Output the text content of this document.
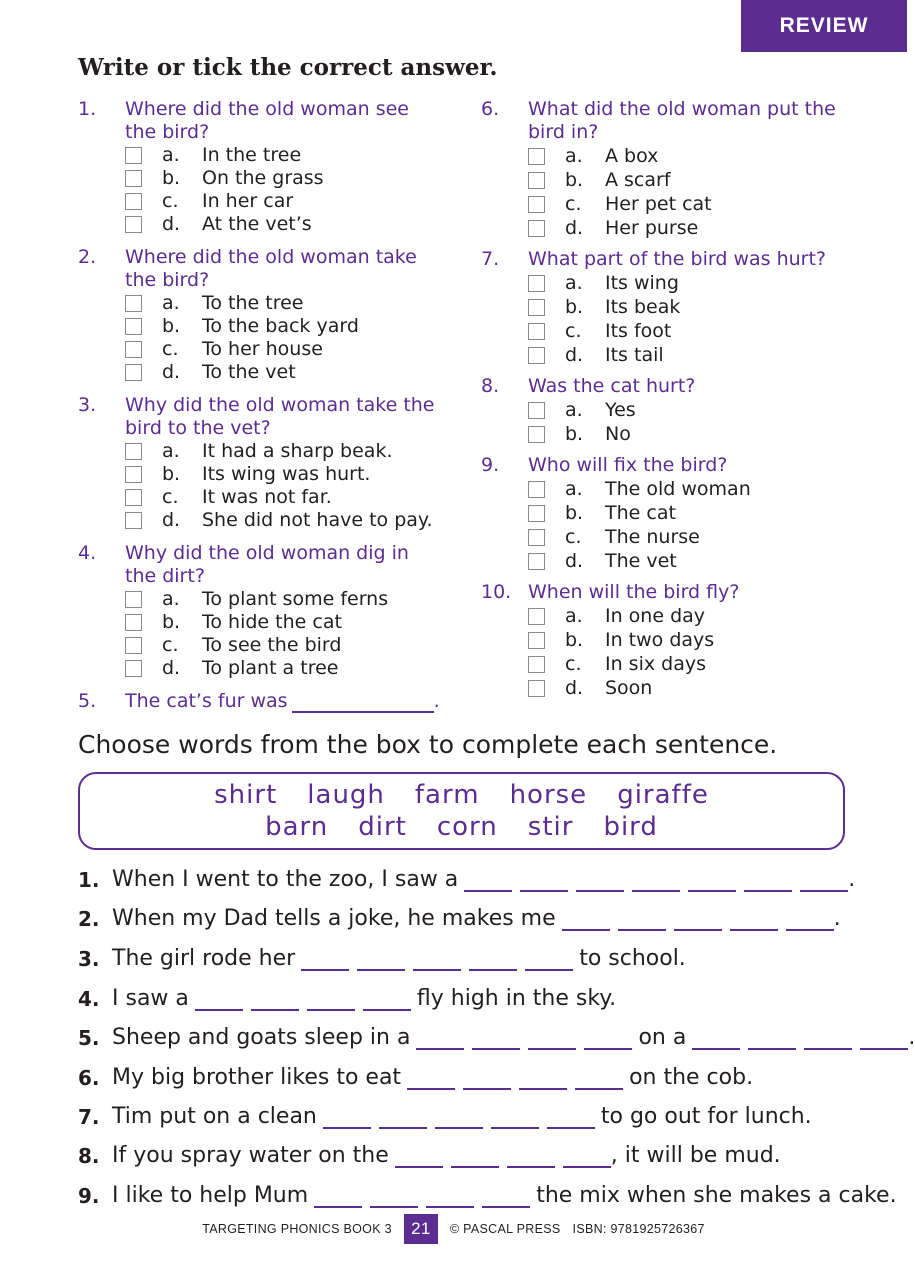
REVIEW
Write or tick the correct answer.
1. Where did the old woman see the bird?
a.	In the tree
b.	On the grass
c.	In her car
d.	At the vet’s
2. Where did the old woman take the bird?
a.	To the tree
b.	To the back yard
c.	To her house
d.	To the vet
3. Why did the old woman take the bird to the vet?
a.	It had a sharp beak.
b.	Its wing was hurt.
c.	It was not far.
d.	She did not have to pay.
4. Why did the old woman dig in the dirt?
a.	To plant some ferns
b.	To hide the cat
c.	To see the bird
d.	To plant a tree
5. The cat’s fur was	.
6. What did the old woman put the bird in?
a.	A box
b.	A scarf
c.	Her pet cat
d.	Her purse
7. What part of the bird was hurt?
a.	Its wing
b.	Its beak
c.	Its foot
d.	Its tail
8. Was the cat hurt?
a.	Yes
b.	No
9. Who will fix the bird?
a.	The old woman
b.	The cat
c.	The nurse
d.	The vet
10. When will the bird fly?
a.	In one day
b.	In two days
c.	In six days
d.	Soon
Choose words from the box to complete each sentence.
shirt laugh farm horse giraffe
barn dirt corn stir bird
1. When I went to the zoo, I saw a	.
2. When my Dad tells a joke, he makes me	.
3. The girl rode her	to school.
4. I saw a	fly high in the sky.
5. Sheep and goats sleep in a	on a	.
6. My big brother likes to eat	on the cob.
7. Tim put on a clean	to go out for lunch.
8. If you spray water on the	, it will be mud.
9. I like to help Mum	the mix when she makes a cake.
TARGETING PHONICS BOOK 3	21	© PASCAL PRESS ISBN: 9781925726367
